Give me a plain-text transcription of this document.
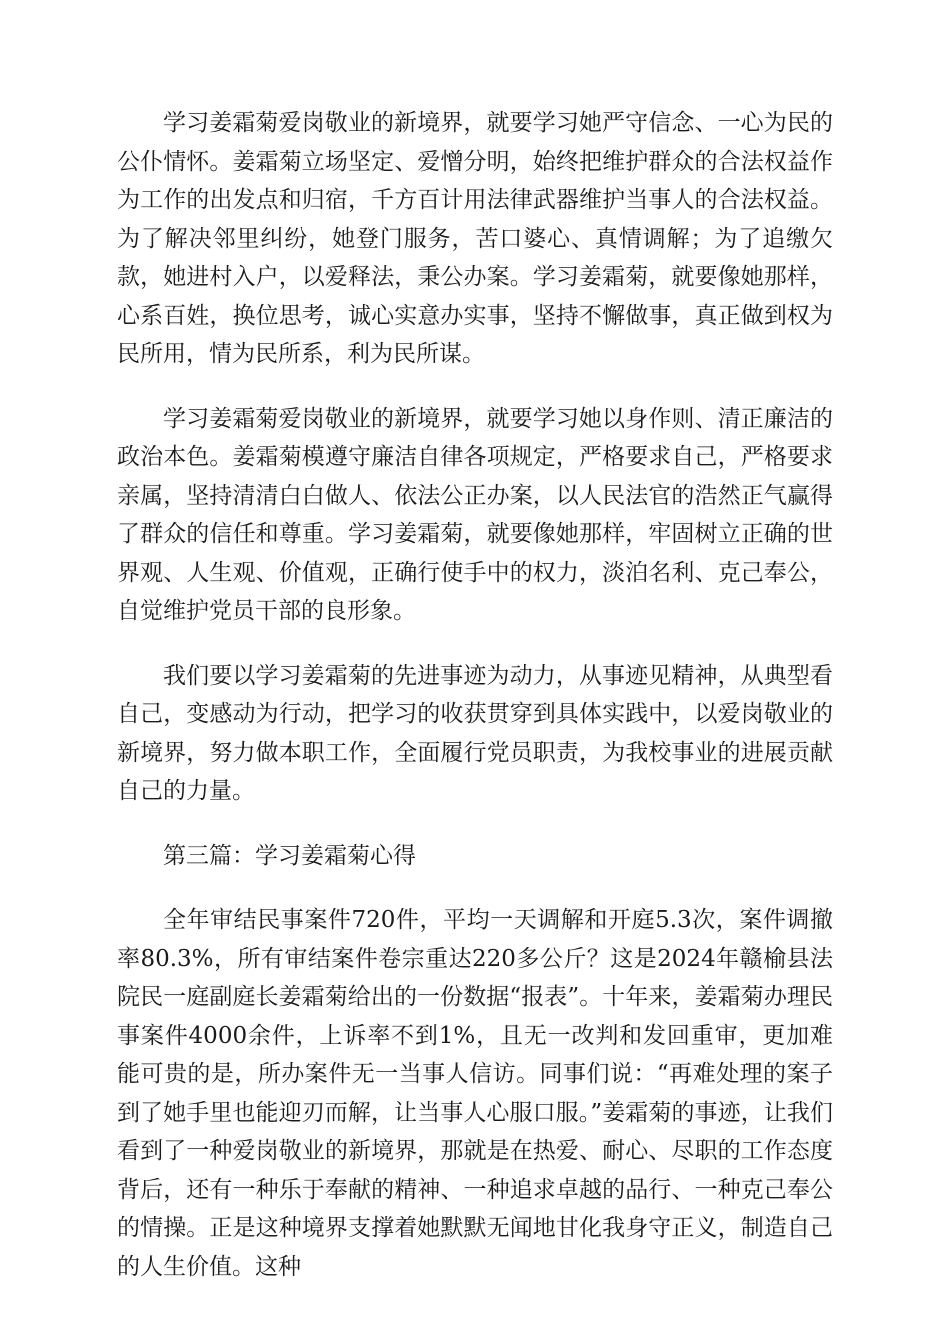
学习姜霜菊爱岗敬业的新境界，就要学习她严守信念、一心为民的公仆情怀。姜霜菊立场坚定、爱憎分明，始终把维护群众的合法权益作为工作的出发点和归宿，千方百计用法律武器维护当事人的合法权益。为了解决邻里纠纷，她登门服务，苦口婆心、真情调解；为了追缴欠款，她进村入户，以爱释法，秉公办案。学习姜霜菊，就要像她那样，心系百姓，换位思考，诚心实意办实事，坚持不懈做事，真正做到权为民所用，情为民所系，利为民所谋。

学习姜霜菊爱岗敬业的新境界，就要学习她以身作则、清正廉洁的政治本色。姜霜菊模遵守廉洁自律各项规定，严格要求自己，严格要求亲属，坚持清清白白做人、依法公正办案，以人民法官的浩然正气赢得了群众的信任和尊重。学习姜霜菊，就要像她那样，牢固树立正确的世界观、人生观、价值观，正确行使手中的权力，淡泊名利、克己奉公，自觉维护党员干部的良形象。

我们要以学习姜霜菊的先进事迹为动力，从事迹见精神，从典型看自己，变感动为行动，把学习的收获贯穿到具体实践中，以爱岗敬业的新境界，努力做本职工作，全面履行党员职责，为我校事业的进展贡献自己的力量。

第三篇：学习姜霜菊心得

全年审结民事案件720件，平均一天调解和开庭5.3次，案件调撤率80.3%，所有审结案件卷宗重达220多公斤？这是2024年赣榆县法院民一庭副庭长姜霜菊给出的一份数据“报表”。十年来，姜霜菊办理民事案件4000余件，上诉率不到1%，且无一改判和发回重审，更加难能可贵的是，所办案件无一当事人信访。同事们说：“再难处理的案子到了她手里也能迎刃而解，让当事人心服口服。”姜霜菊的事迹，让我们看到了一种爱岗敬业的新境界，那就是在热爱、耐心、尽职的工作态度背后，还有一种乐于奉献的精神、一种追求卓越的品行、一种克己奉公的情操。正是这种境界支撑着她默默无闻地甘化我身守正义，制造自己的人生价值。这种
